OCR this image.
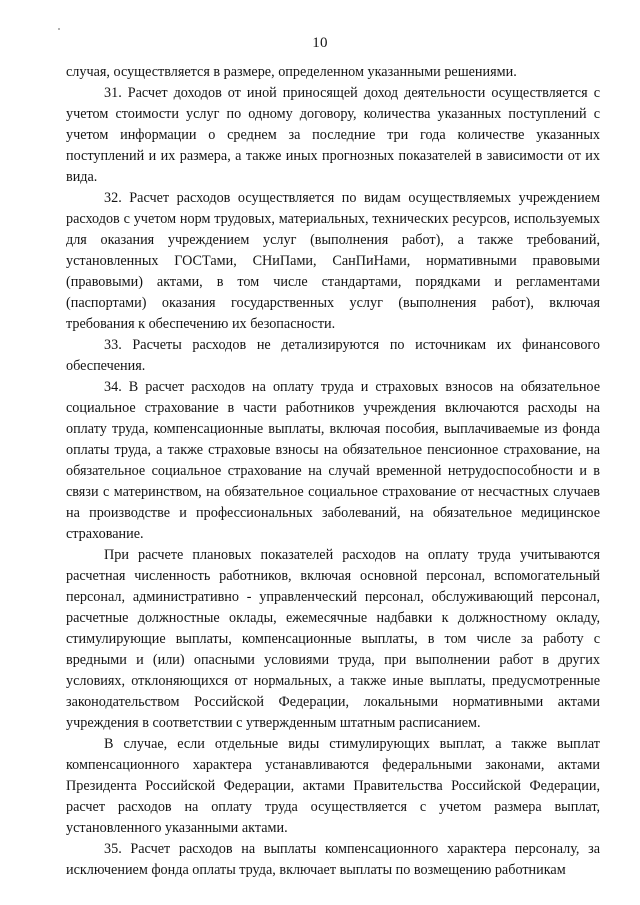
10

случая, осуществляется в размере, определенном указанными решениями.

31. Расчет доходов от иной приносящей доход деятельности осуществляется с учетом стоимости услуг по одному договору, количества указанных поступлений с учетом информации о среднем за последние три года количестве указанных поступлений и их размера, а также иных прогнозных показателей в зависимости от их вида.

32. Расчет расходов осуществляется по видам осуществляемых учреждением расходов с учетом норм трудовых, материальных, технических ресурсов, используемых для оказания учреждением услуг (выполнения работ), а также требований, установленных ГОСТами, СНиПами, СанПиНами, нормативными правовыми (правовыми) актами, в том числе стандартами, порядками и регламентами (паспортами) оказания государственных услуг (выполнения работ), включая требования к обеспечению их безопасности.

33. Расчеты расходов не детализируются по источникам их финансового обеспечения.

34. В расчет расходов на оплату труда и страховых взносов на обязательное социальное страхование в части работников учреждения включаются расходы на оплату труда, компенсационные выплаты, включая пособия, выплачиваемые из фонда оплаты труда, а также страховые взносы на обязательное пенсионное страхование, на обязательное социальное страхование на случай временной нетрудоспособности и в связи с материнством, на обязательное социальное страхование от несчастных случаев на производстве и профессиональных заболеваний, на обязательное медицинское страхование.

При расчете плановых показателей расходов на оплату труда учитываются расчетная численность работников, включая основной персонал, вспомогательный персонал, административно - управленческий персонал, обслуживающий персонал, расчетные должностные оклады, ежемесячные надбавки к должностному окладу, стимулирующие выплаты, компенсационные выплаты, в том числе за работу с вредными и (или) опасными условиями труда, при выполнении работ в других условиях, отклоняющихся от нормальных, а также иные выплаты, предусмотренные законодательством Российской Федерации, локальными нормативными актами учреждения в соответствии с утвержденным штатным расписанием.

В случае, если отдельные виды стимулирующих выплат, а также выплат компенсационного характера устанавливаются федеральными законами, актами Президента Российской Федерации, актами Правительства Российской Федерации, расчет расходов на оплату труда осуществляется с учетом размера выплат, установленного указанными актами.

35. Расчет расходов на выплаты компенсационного характера персоналу, за исключением фонда оплаты труда, включает выплаты по возмещению работникам
